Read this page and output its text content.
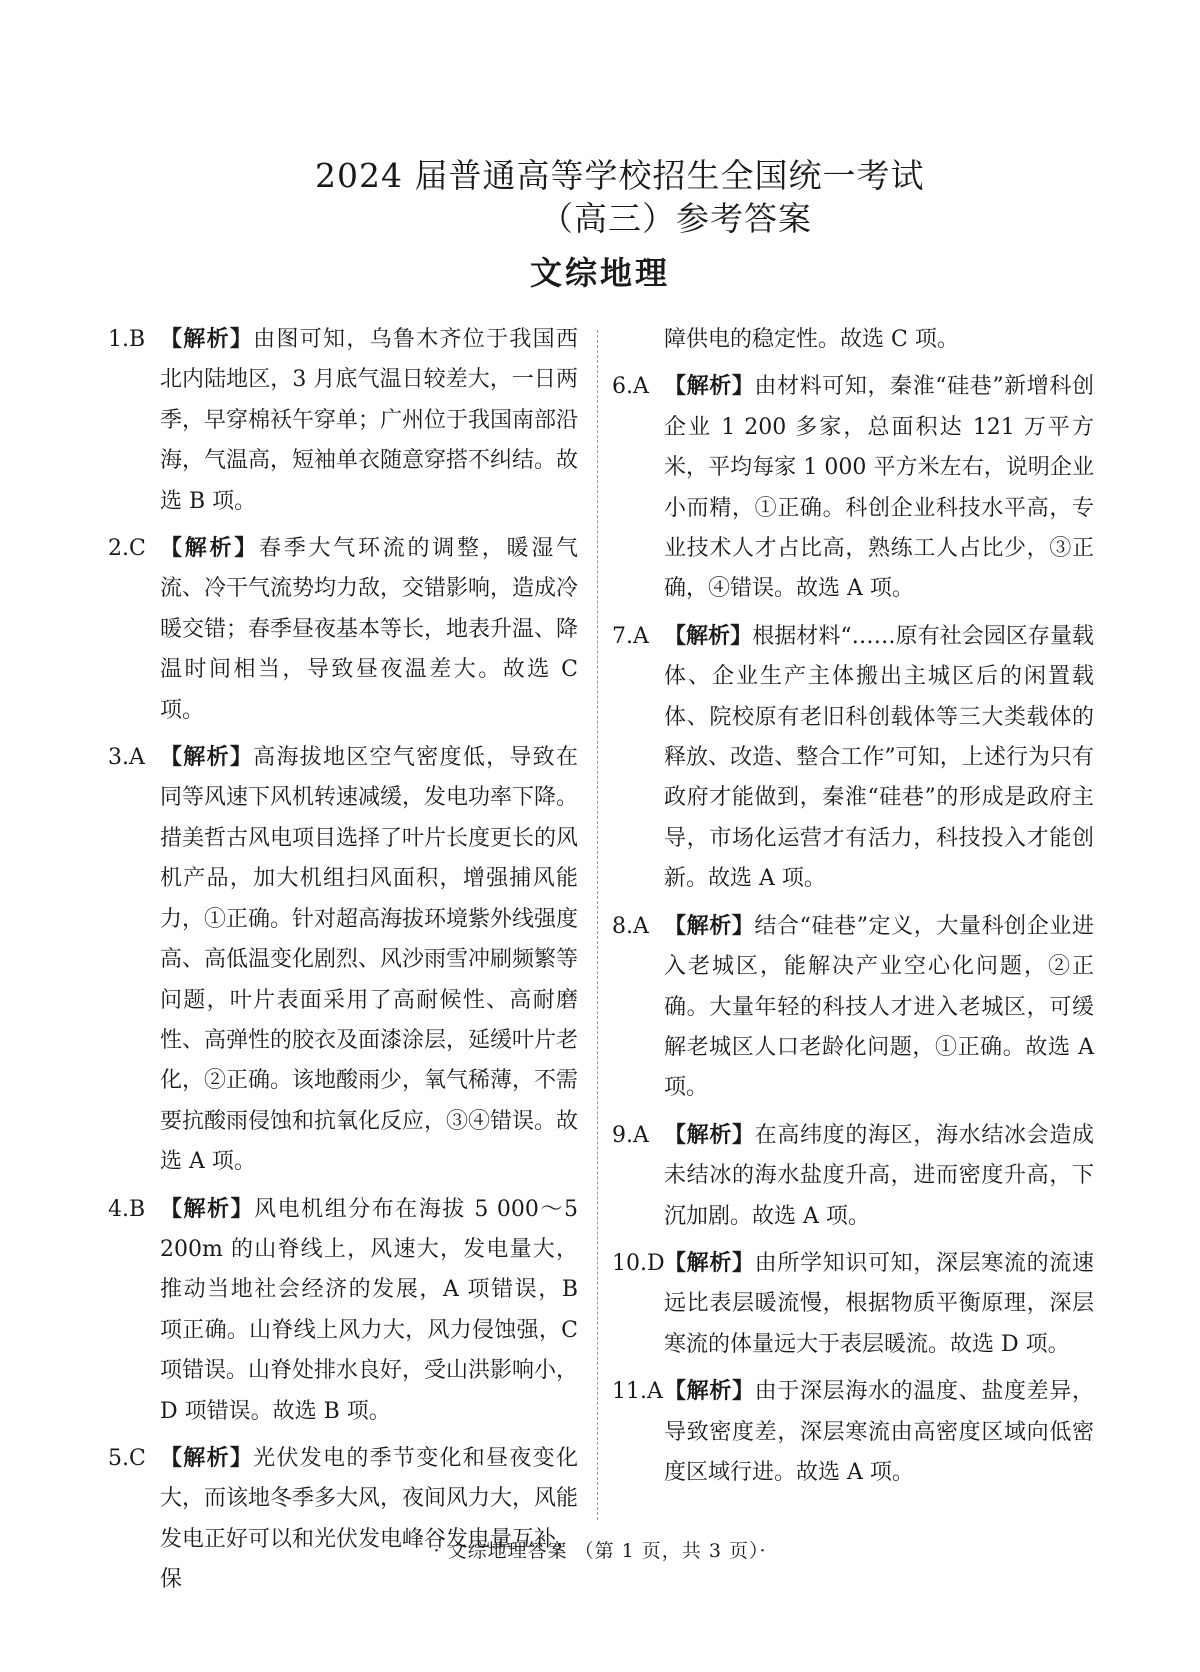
2024 届普通高等学校招生全国统一考试
（高三）参考答案
文综地理
1.B 【解析】由图可知，乌鲁木齐位于我国西北内陆地区，3 月底气温日较差大，一日两季，早穿棉袄午穿单；广州位于我国南部沿海，气温高，短袖单衣随意穿搭不纠结。故选 B 项。
2.C 【解析】春季大气环流的调整，暖湿气流、冷干气流势均力敌，交错影响，造成冷暖交错；春季昼夜基本等长，地表升温、降温时间相当，导致昼夜温差大。故选 C 项。
3.A 【解析】高海拔地区空气密度低，导致在同等风速下风机转速减缓，发电功率下降。措美哲古风电项目选择了叶片长度更长的风机产品，加大机组扫风面积，增强捕风能力，①正确。针对超高海拔环境紫外线强度高、高低温变化剧烈、风沙雨雪冲刷频繁等问题，叶片表面采用了高耐候性、高耐磨性、高弹性的胶衣及面漆涂层，延缓叶片老化，②正确。该地酸雨少，氧气稀薄，不需要抗酸雨侵蚀和抗氧化反应，③④错误。故选 A 项。
4.B 【解析】风电机组分布在海拔 5 000～5 200m 的山脊线上，风速大，发电量大，推动当地社会经济的发展，A 项错误，B 项正确。山脊线上风力大，风力侵蚀强，C 项错误。山脊处排水良好，受山洪影响小，D 项错误。故选 B 项。
5.C 【解析】光伏发电的季节变化和昼夜变化大，而该地冬季多大风，夜间风力大，风能发电正好可以和光伏发电峰谷发电量互补，保
障供电的稳定性。故选 C 项。
6.A 【解析】由材料可知，秦淮“硅巷”新增科创企业 1 200 多家，总面积达 121 万平方米，平均每家 1 000 平方米左右，说明企业小而精，①正确。科创企业科技水平高，专业技术人才占比高，熟练工人占比少，③正确，④错误。故选 A 项。
7.A 【解析】根据材料“……原有社会园区存量载体、企业生产主体搬出主城区后的闲置载体、院校原有老旧科创载体等三大类载体的释放、改造、整合工作”可知，上述行为只有政府才能做到，秦淮“硅巷”的形成是政府主导，市场化运营才有活力，科技投入才能创新。故选 A 项。
8.A 【解析】结合“硅巷”定义，大量科创企业进入老城区，能解决产业空心化问题，②正确。大量年轻的科技人才进入老城区，可缓解老城区人口老龄化问题，①正确。故选 A 项。
9.A 【解析】在高纬度的海区，海水结冰会造成未结冰的海水盐度升高，进而密度升高，下沉加剧。故选 A 项。
10.D 【解析】由所学知识可知，深层寒流的流速远比表层暖流慢，根据物质平衡原理，深层寒流的体量远大于表层暖流。故选 D 项。
11.A 【解析】由于深层海水的温度、盐度差异，导致密度差，深层寒流由高密度区域向低密度区域行进。故选 A 项。
· 文综地理答案 （第 1 页，共 3 页）·
